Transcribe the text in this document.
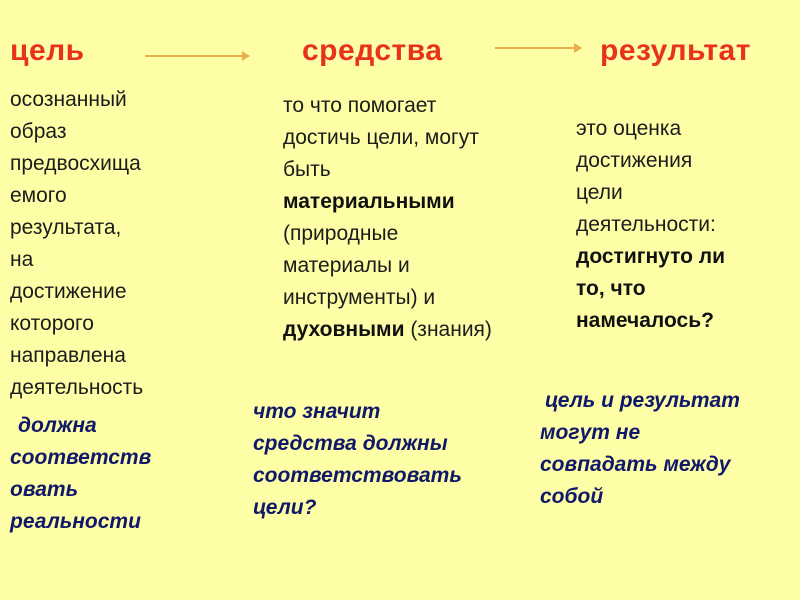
цель	средства	результат
осознанный
образ
предвосхища
емого
результата,
на
достижение
которого
направлена
деятельность
должна
соответств
овать
реальности
то что помогает
достичь цели, могут
быть
материальными
(природные
материалы и
инструменты) и
духовными (знания)
что значит
средства должны
соответствовать
цели?
это оценка
достижения
цели
деятельности:
достигнуто ли
то, что
намечалось?
цель и результат
могут не
совпадать между
собой
